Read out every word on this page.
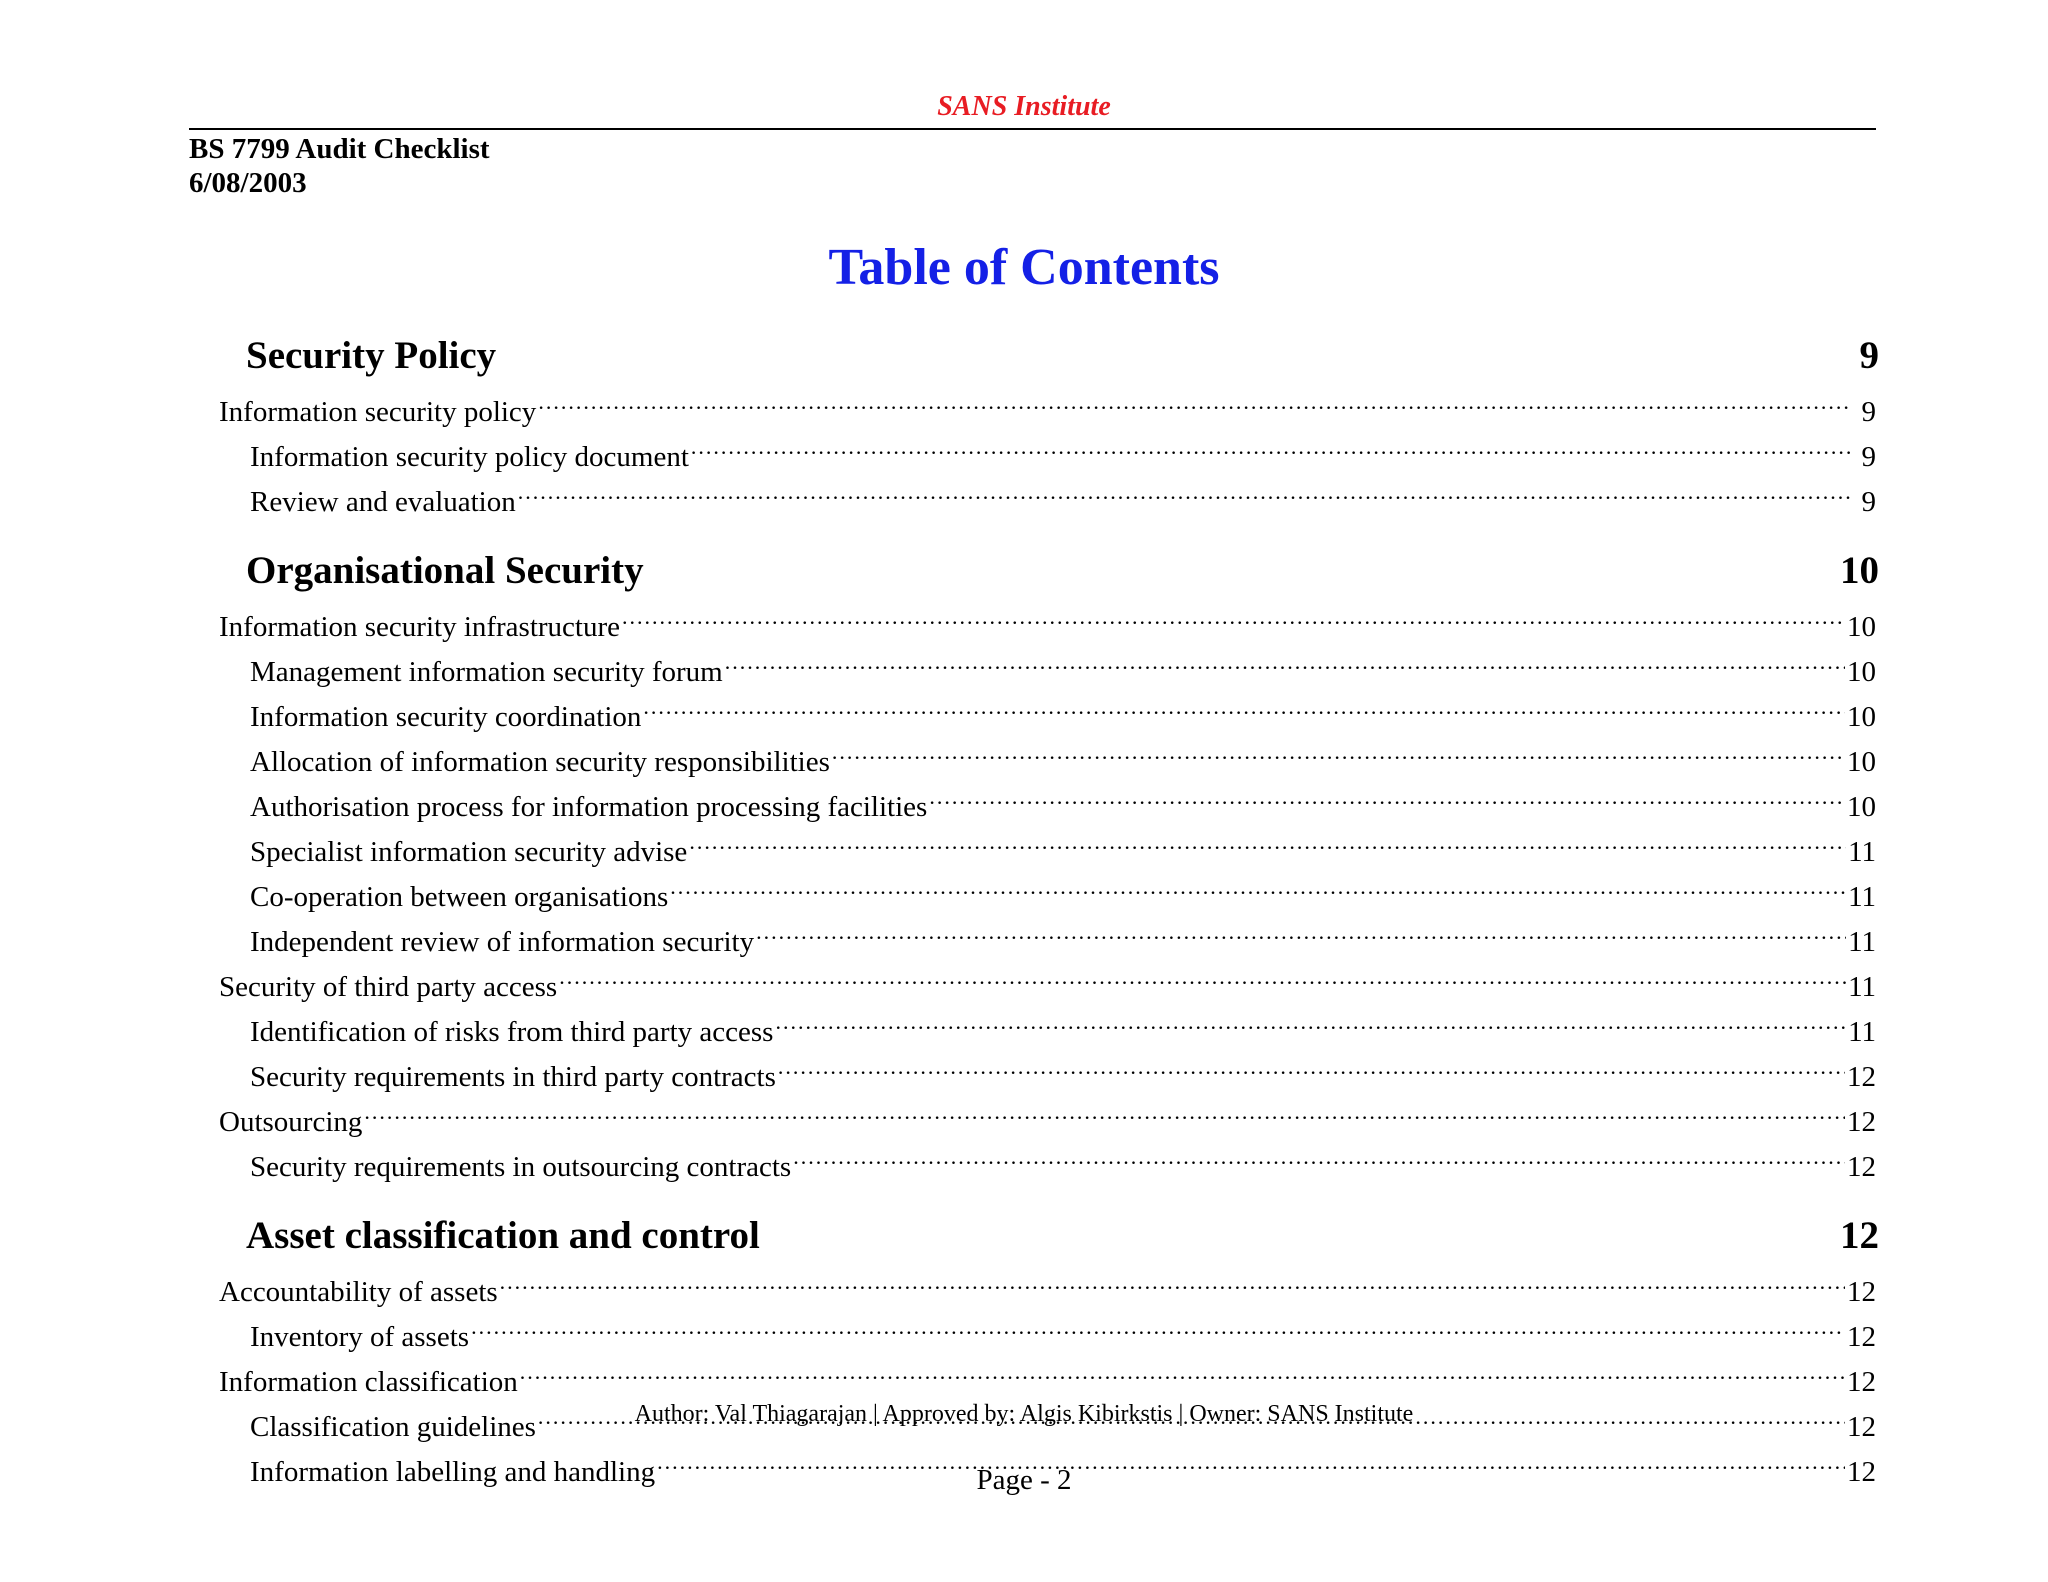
SANS Institute
BS 7799 Audit Checklist
6/08/2003
Table of Contents
Security Policy	9
Information security policy .....	9
Information security policy document .....	9
Review and evaluation .....	9
Organisational Security	10
Information security infrastructure .....	10
Management information security forum .....	10
Information security coordination .....	10
Allocation of information security responsibilities .....	10
Authorisation process for information processing facilities .....	10
Specialist information security advise .....	11
Co-operation between organisations .....	11
Independent review of information security .....	11
Security of third party access .....	11
Identification of risks from third party access .....	11
Security requirements in third party contracts .....	12
Outsourcing .....	12
Security requirements in outsourcing contracts .....	12
Asset classification and control	12
Accountability of assets .....	12
Inventory of assets .....	12
Information classification .....	12
Classification guidelines .....	12
Information labelling and handling .....	12
Author: Val Thiagarajan | Approved by: Algis Kibirkstis | Owner: SANS Institute
Page - 2
